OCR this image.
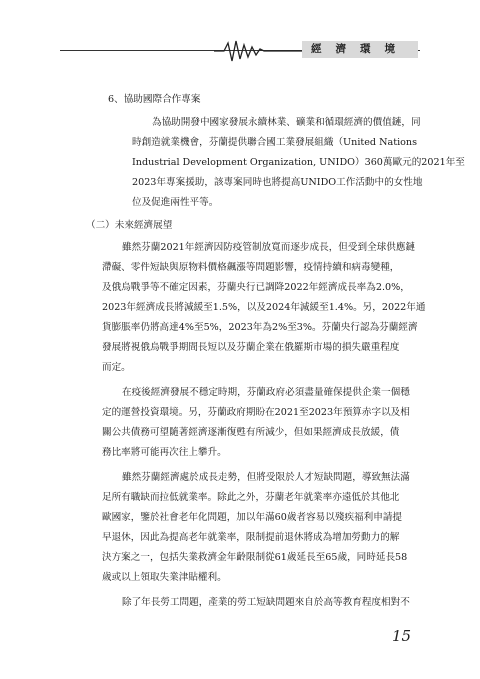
經濟環境
6、協助國際合作專案
為協助開發中國家發展永續林業、礦業和循環經濟的價值鏈，同
時創造就業機會，芬蘭提供聯合國工業發展組織（United Nations
Industrial Development Organization, UNIDO）360萬歐元的2021年至
2023年專案援助，該專案同時也將提高UNIDO工作活動中的女性地
位及促進兩性平等。
（二）未來經濟展望
雖然芬蘭2021年經濟因防疫管制放寬而逐步成長，但受到全球供應鏈
滯礙、零件短缺與原物料價格飆漲等問題影響，疫情持續和病毒變種，
及俄烏戰爭等不確定因素，芬蘭央行已調降2022年經濟成長率為2.0%，
2023年經濟成長將減緩至1.5%，以及2024年減緩至1.4%。另，2022年通
貨膨脹率仍將高達4%至5%，2023年為2%至3%。芬蘭央行認為芬蘭經濟
發展將視俄烏戰爭期間長短以及芬蘭企業在俄羅斯市場的損失嚴重程度
而定。
在疫後經濟發展不穩定時期，芬蘭政府必須盡量確保提供企業一個穩
定的運營投資環境。另，芬蘭政府期盼在2021至2023年預算赤字以及相
關公共債務可望隨著經濟逐漸復甦有所減少，但如果經濟成長放緩，債
務比率將可能再次往上攀升。
雖然芬蘭經濟處於成長走勢，但將受限於人才短缺問題，導致無法滿
足所有職缺而拉低就業率。除此之外，芬蘭老年就業率亦遠低於其他北
歐國家，鑒於社會老年化問題，加以年滿60歲者容易以殘疾福利申請提
早退休，因此為提高老年就業率，限制提前退休將成為增加勞動力的解
決方案之一，包括失業救濟金年齡限制從61歲延長至65歲，同時延長58
歲或以上領取失業津貼權利。
除了年長勞工問題，產業的勞工短缺問題來自於高等教育程度相對不
15
